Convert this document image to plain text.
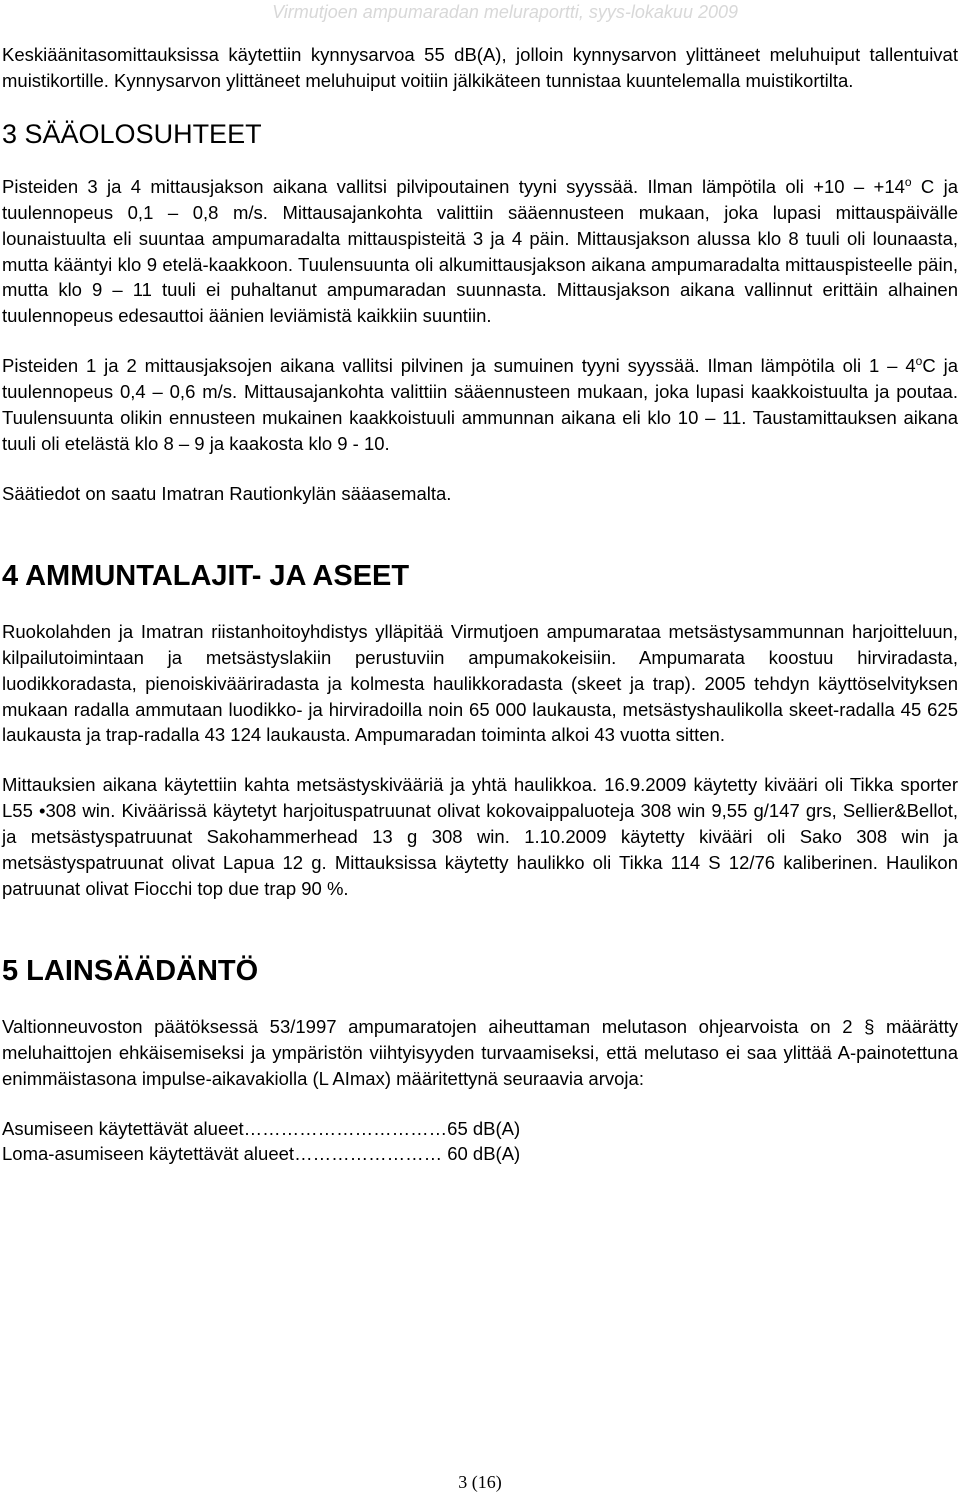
Virmutjoen ampumaradan meluraportti, syys-lokakuu 2009

Keskiäänitasomittauksissa käytettiin kynnysarvoa 55 dB(A), jolloin kynnysarvon ylittäneet meluhuiput tallentuivat muistikortille. Kynnysarvon ylittäneet meluhuiput voitiin jälkikäteen tunnistaa kuuntelemalla muistikortilta.

3 SÄÄOLOSUHTEET

Pisteiden 3 ja 4 mittausjakson aikana vallitsi pilvipoutainen tyyni syyssää. Ilman lämpötila oli $+10 - +14^o$ C ja tuulennopeus 0,1 – 0,8 m/s. Mittausajankohta valittiin sääennusteen mukaan, joka lupasi mittauspäivälle lounaistuulta eli suuntaa ampumaradalta mittauspisteitä 3 ja 4 päin. Mittausjakson alussa klo 8 tuuli oli lounaasta, mutta kääntyi klo 9 etelä-kaakkoon. Tuulensuunta oli alkumittausjakson aikana ampumaradalta mittauspisteelle päin, mutta klo 9 – 11 tuuli ei puhaltanut ampumaradan suunnasta. Mittausjakson aikana vallinnut erittäin alhainen tuulennopeus edesauttoi äänien leviämistä kaikkiin suuntiin.

Pisteiden 1 ja 2 mittausjaksojen aikana vallitsi pilvinen ja sumuinen tyyni syyssää. Ilman lämpötila oli 1 – 4$^o$C ja tuulennopeus 0,4 – 0,6 m/s. Mittausajankohta valittiin sääennusteen mukaan, joka lupasi kaakkoistuulta ja poutaa. Tuulensuunta olikin ennusteen mukainen kaakkoistuuli ammunnan aikana eli klo 10 – 11. Taustamittauksen aikana tuuli oli etelästä klo 8 – 9 ja kaakosta klo 9 - 10.

Säätiedot on saatu Imatran Rautionkylän sääasemalta.

4 AMMUNTALAJIT- JA ASEET

Ruokolahden ja Imatran riistanhoitoyhdistys ylläpitää Virmutjoen ampumarataa metsästysammunnan harjoitteluun, kilpailutoimintaan ja metsästyslakiin perustuviin ampumakokeisiin. Ampumarata koostuu hirviradasta, luodikkoradasta, pienoiskivääriradasta ja kolmesta haulikkoradasta (skeet ja trap). 2005 tehdyn käyttöselvityksen mukaan radalla ammutaan luodikko- ja hirviradoilla noin 65 000 laukausta, metsästyshaulikolla skeet-radalla 45 625 laukausta ja trap-radalla 43 124 laukausta. Ampumaradan toiminta alkoi 43 vuotta sitten.

Mittauksien aikana käytettiin kahta metsästyskivääriä ja yhtä haulikkoa. 16.9.2009 käytetty kivääri oli Tikka sporter L55 •308 win. Kiväärissä käytetyt harjoituspatruunat olivat kokovaippaluoteja 308 win 9,55 g/147 grs, Sellier&Bellot, ja metsästyspatruunat Sakohammerhead 13 g 308 win. 1.10.2009 käytetty kivääri oli Sako 308 win ja metsästyspatruunat olivat Lapua 12 g. Mittauksissa käytetty haulikko oli Tikka 114 S 12/76 kaliberinen. Haulikon patruunat olivat Fiocchi top due trap 90 %.

5 LAINSÄÄDÄNTÖ

Valtionneuvoston päätöksessä 53/1997 ampumaratojen aiheuttaman melutason ohjearvoista on 2 § määrätty meluhaittojen ehkäisemiseksi ja ympäristön viihtyisyyden turvaamiseksi, että melutaso ei saa ylittää A-painotettuna enimmäistasona impulse-aikavakiolla (L AImax) määritettynä seuraavia arvoja:

Asumiseen käytettävät alueet……………………………65 dB(A)
Loma-asumiseen käytettävät alueet…………………… 60 dB(A)
3 (16)
